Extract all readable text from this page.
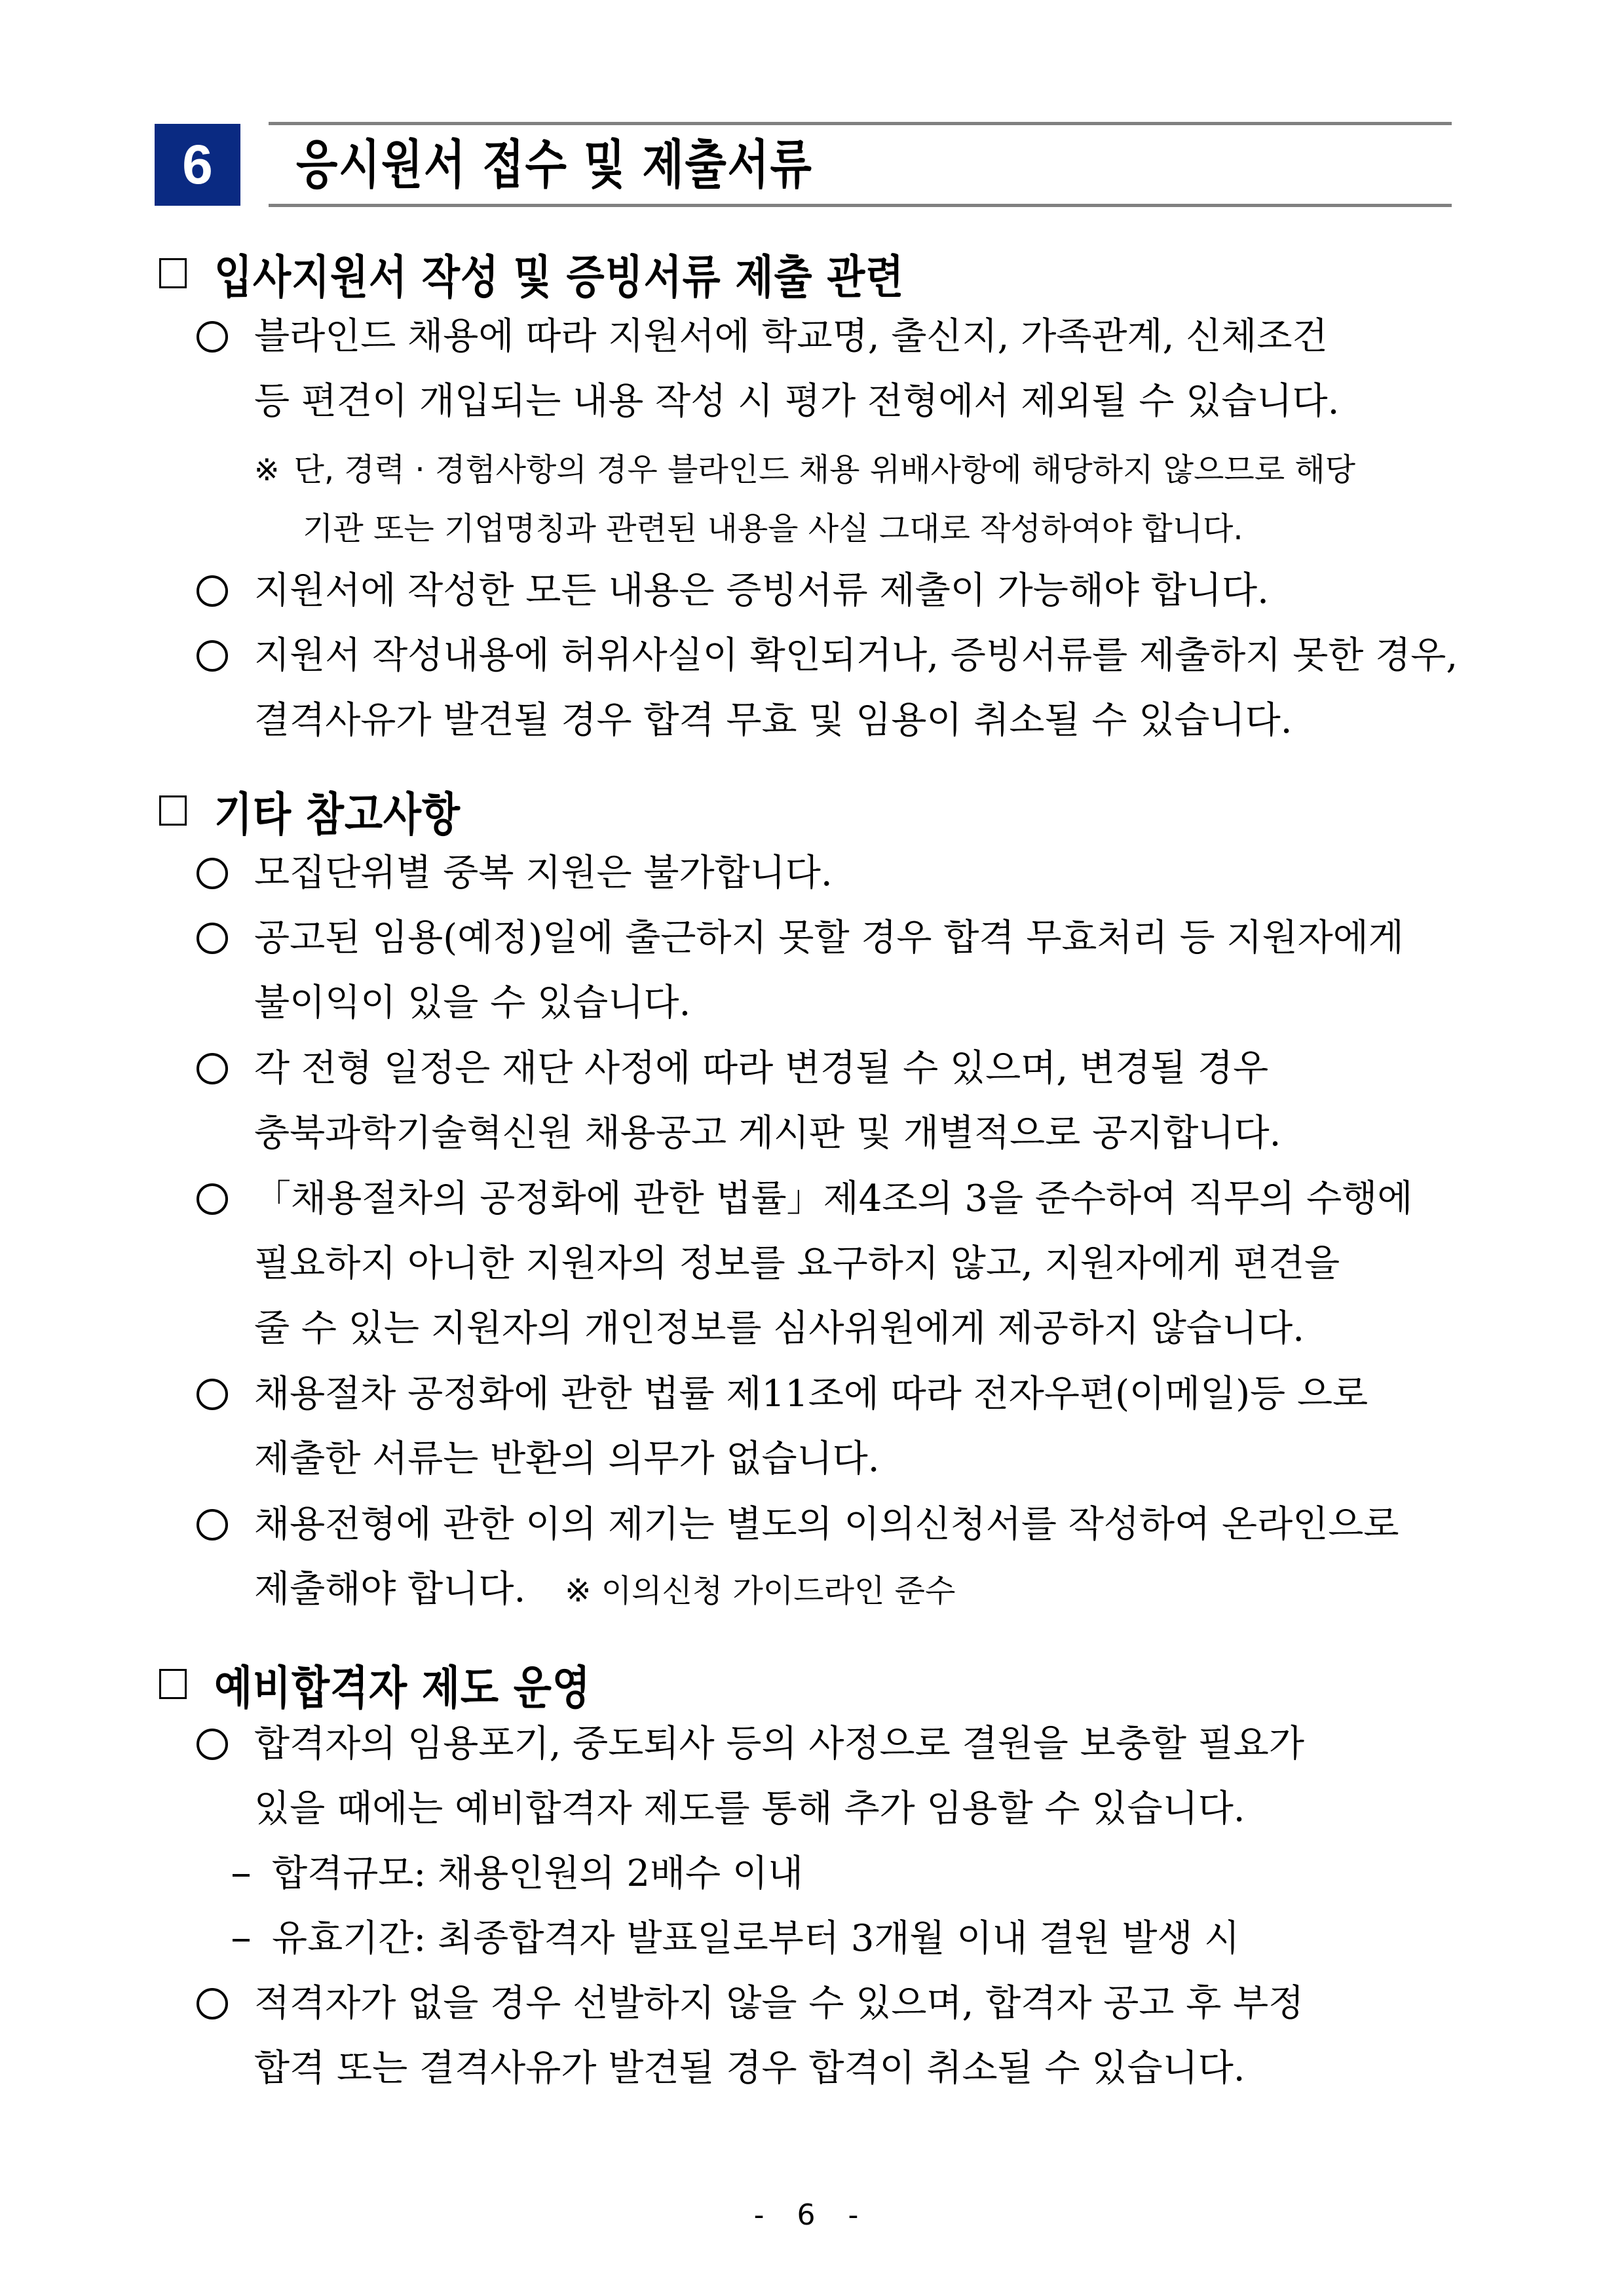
6 응시원서 접수 및 제출서류
입사지원서 작성 및 증빙서류 제출 관련
블라인드 채용에 따라 지원서에 학교명, 출신지, 가족관계, 신체조건
등 편견이 개입되는 내용 작성 시 평가 전형에서 제외될 수 있습니다.
※ 단, 경력 · 경험사항의 경우 블라인드 채용 위배사항에 해당하지 않으므로 해당
기관 또는 기업명칭과 관련된 내용을 사실 그대로 작성하여야 합니다.
지원서에 작성한 모든 내용은 증빙서류 제출이 가능해야 합니다.
지원서 작성내용에 허위사실이 확인되거나, 증빙서류를 제출하지 못한 경우,
결격사유가 발견될 경우 합격 무효 및 임용이 취소될 수 있습니다.
기타 참고사항
모집단위별 중복 지원은 불가합니다.
공고된 임용(예정)일에 출근하지 못할 경우 합격 무효처리 등 지원자에게
불이익이 있을 수 있습니다.
각 전형 일정은 재단 사정에 따라 변경될 수 있으며, 변경될 경우
충북과학기술혁신원 채용공고 게시판 및 개별적으로 공지합니다.
「채용절차의 공정화에 관한 법률」제4조의 3을 준수하여 직무의 수행에
필요하지 아니한 지원자의 정보를 요구하지 않고, 지원자에게 편견을
줄 수 있는 지원자의 개인정보를 심사위원에게 제공하지 않습니다.
채용절차 공정화에 관한 법률 제11조에 따라 전자우편(이메일)등 으로
제출한 서류는 반환의 의무가 없습니다.
채용전형에 관한 이의 제기는 별도의 이의신청서를 작성하여 온라인으로
제출해야 합니다. ※ 이의신청 가이드라인 준수
예비합격자 제도 운영
합격자의 임용포기, 중도퇴사 등의 사정으로 결원을 보충할 필요가
있을 때에는 예비합격자 제도를 통해 추가 임용할 수 있습니다.
합격규모: 채용인원의 2배수 이내
유효기간: 최종합격자 발표일로부터 3개월 이내 결원 발생 시
적격자가 없을 경우 선발하지 않을 수 있으며, 합격자 공고 후 부정
합격 또는 결격사유가 발견될 경우 합격이 취소될 수 있습니다.
- 6 -
